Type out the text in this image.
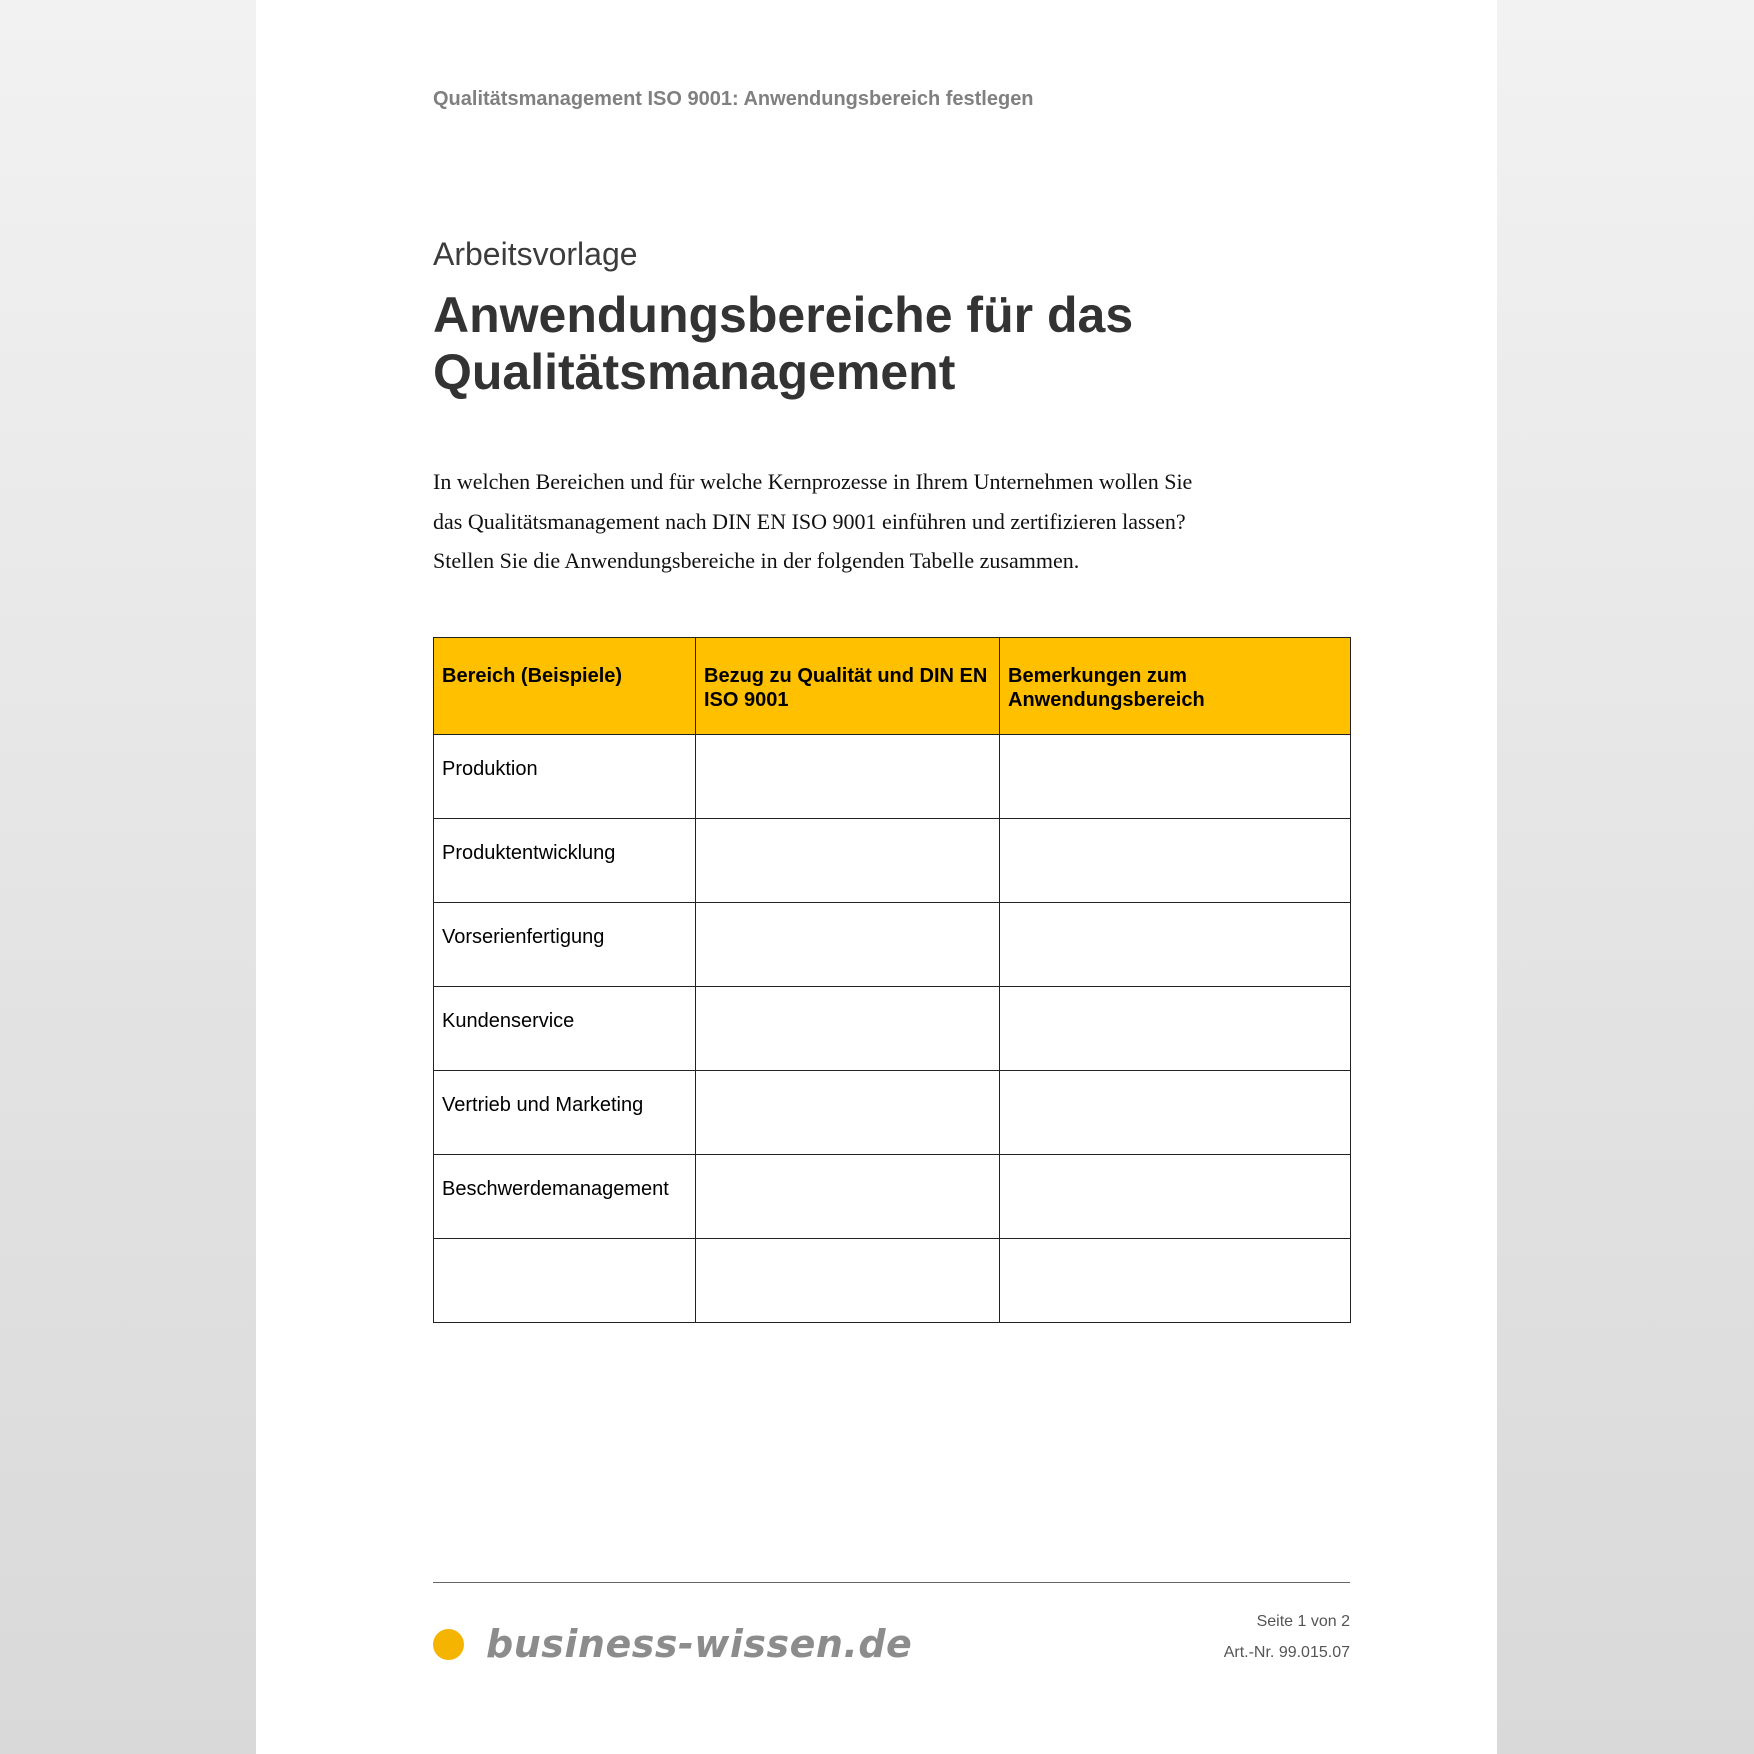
Qualitätsmanagement ISO 9001: Anwendungsbereich festlegen
Arbeitsvorlage
Anwendungsbereiche für das
Qualitätsmanagement

In welchen Bereichen und für welche Kernprozesse in Ihrem Unternehmen wollen Sie das Qualitätsmanagement nach DIN EN ISO 9001 einführen und zertifizieren lassen? Stellen Sie die Anwendungsbereiche in der folgenden Tabelle zusammen.

Bereich (Beispiele)	Bezug zu Qualität und DIN EN ISO 9001	Bemerkungen zum Anwendungsbereich
Produktion		
Produktentwicklung		
Vorserienfertigung		
Kundenservice		
Vertrieb und Marketing		
Beschwerdemanagement		

business-wissen.de
Seite 1 von 2
Art.-Nr. 99.015.07
